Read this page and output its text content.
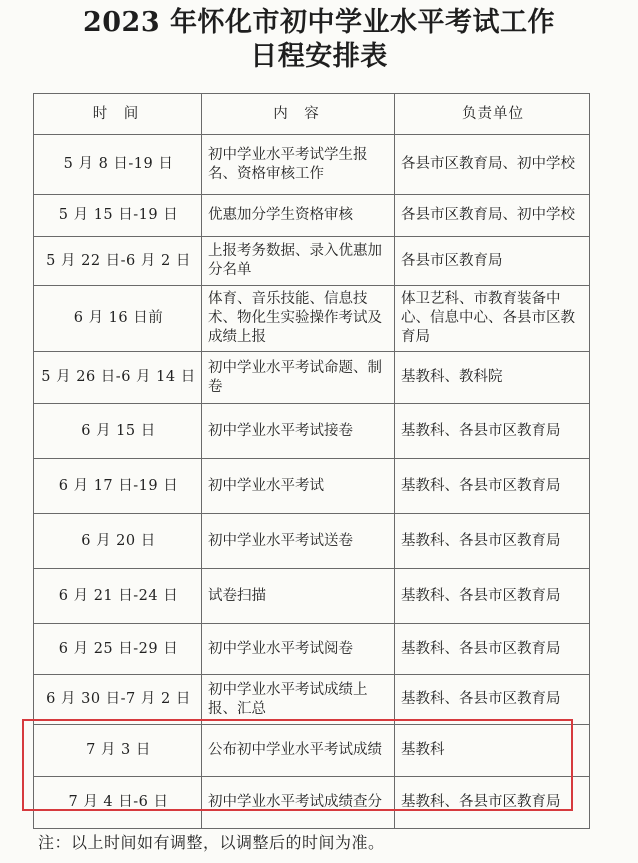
2023 年怀化市初中学业水平考试工作
日程安排表
时 间	内 容	负责单位
5 月 8 日-19 日	初中学业水平考试学生报名、资格审核工作	各县市区教育局、初中学校
5 月 15 日-19 日	优惠加分学生资格审核	各县市区教育局、初中学校
5 月 22 日-6 月 2 日	上报考务数据、录入优惠加分名单	各县市区教育局
6 月 16 日前	体育、音乐技能、信息技术、物化生实验操作考试及成绩上报	体卫艺科、市教育装备中心、信息中心、各县市区教育局
5 月 26 日-6 月 14 日	初中学业水平考试命题、制卷	基教科、教科院
6 月 15 日	初中学业水平考试接卷	基教科、各县市区教育局
6 月 17 日-19 日	初中学业水平考试	基教科、各县市区教育局
6 月 20 日	初中学业水平考试送卷	基教科、各县市区教育局
6 月 21 日-24 日	试卷扫描	基教科、各县市区教育局
6 月 25 日-29 日	初中学业水平考试阅卷	基教科、各县市区教育局
6 月 30 日-7 月 2 日	初中学业水平考试成绩上报、汇总	基教科、各县市区教育局
7 月 3 日	公布初中学业水平考试成绩	基教科
7 月 4 日-6 日	初中学业水平考试成绩查分	基教科、各县市区教育局
注：以上时间如有调整，以调整后的时间为准。
